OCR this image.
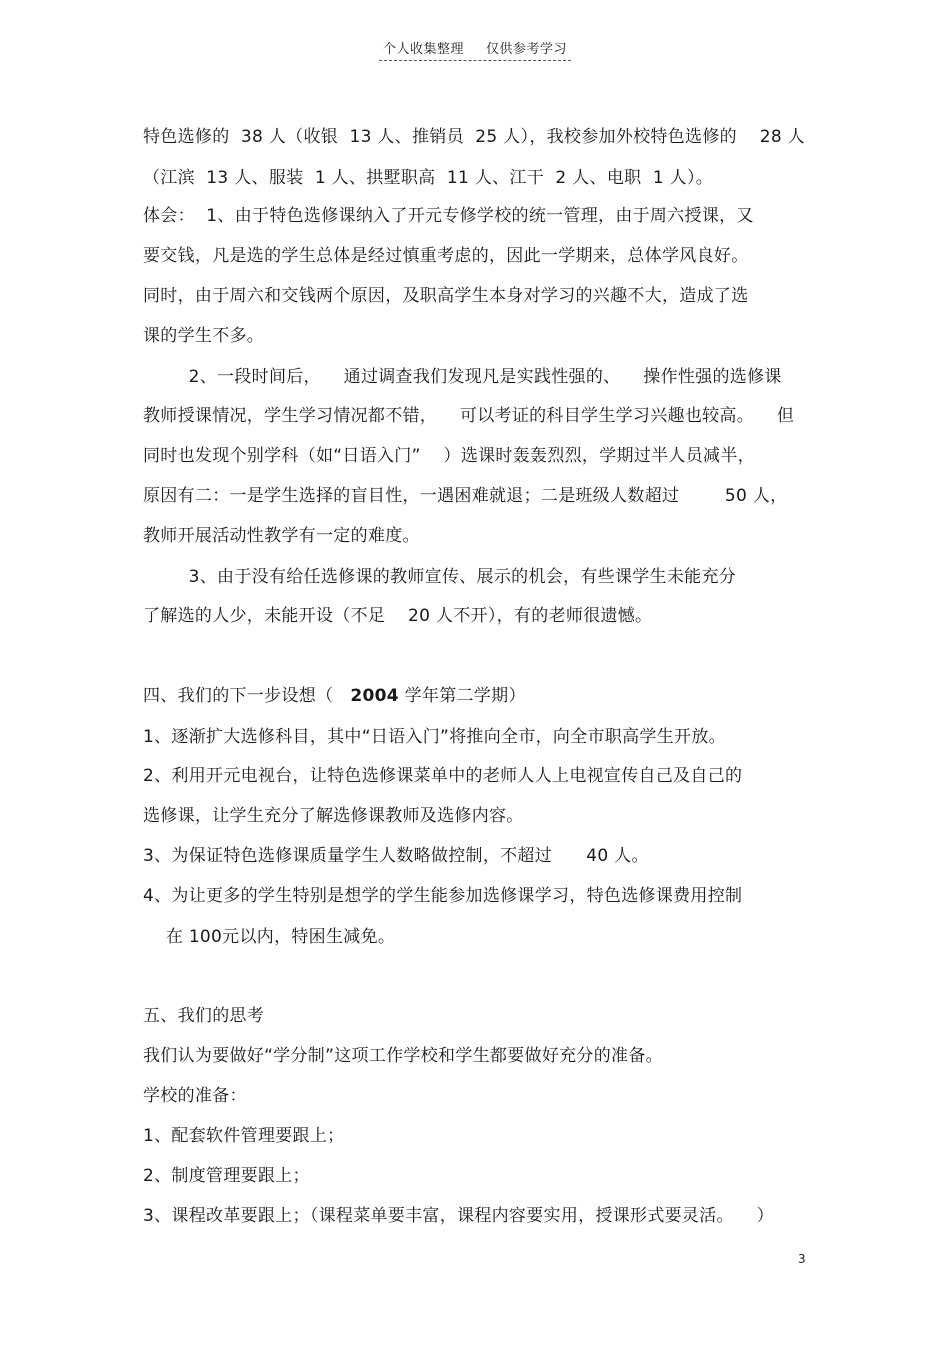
个人收集整理 仅供参考学习
特色选修的  38 人（收银  13 人、推销员  25 人），我校参加外校特色选修的    28 人
（江滨  13 人、服装  1 人、拱墅职高  11 人、江干  2 人、电职  1 人）。
体会：  1、由于特色选修课纳入了开元专修学校的统一管理，由于周六授课，又
要交钱，凡是选的学生总体是经过慎重考虑的，因此一学期来，总体学风良好。
同时，由于周六和交钱两个原因，及职高学生本身对学习的兴趣不大，造成了选
课的学生不多。
2、一段时间后，    通过调查我们发现凡是实践性强的、    操作性强的选修课
教师授课情况，学生学习情况都不错，    可以考证的科目学生学习兴趣也较高。    但
同时也发现个别学科（如“日语入门”    ）选课时轰轰烈烈，学期过半人员减半，
原因有二：一是学生选择的盲目性，一遇困难就退；二是班级人数超过        50 人，
教师开展活动性教学有一定的难度。
3、由于没有给任选修课的教师宣传、展示的机会，有些课学生未能充分
了解选的人少，未能开设（不足    20 人不开），有的老师很遗憾。
四、我们的下一步设想（   2004 学年第二学期）
1、逐渐扩大选修科目，其中“日语入门”将推向全市，向全市职高学生开放。
2、利用开元电视台，让特色选修课菜单中的老师人人上电视宣传自己及自己的
选修课，让学生充分了解选修课教师及选修内容。
3、为保证特色选修课质量学生人数略做控制，不超过      40 人。
4、为让更多的学生特别是想学的学生能参加选修课学习，特色选修课费用控制
在 100元以内，特困生减免。
五、我们的思考
我们认为要做好“学分制”这项工作学校和学生都要做好充分的准备。
学校的准备：
1、配套软件管理要跟上；
2、制度管理要跟上；
3、课程改革要跟上；（课程菜单要丰富，课程内容要实用，授课形式要灵活。    ）
3
